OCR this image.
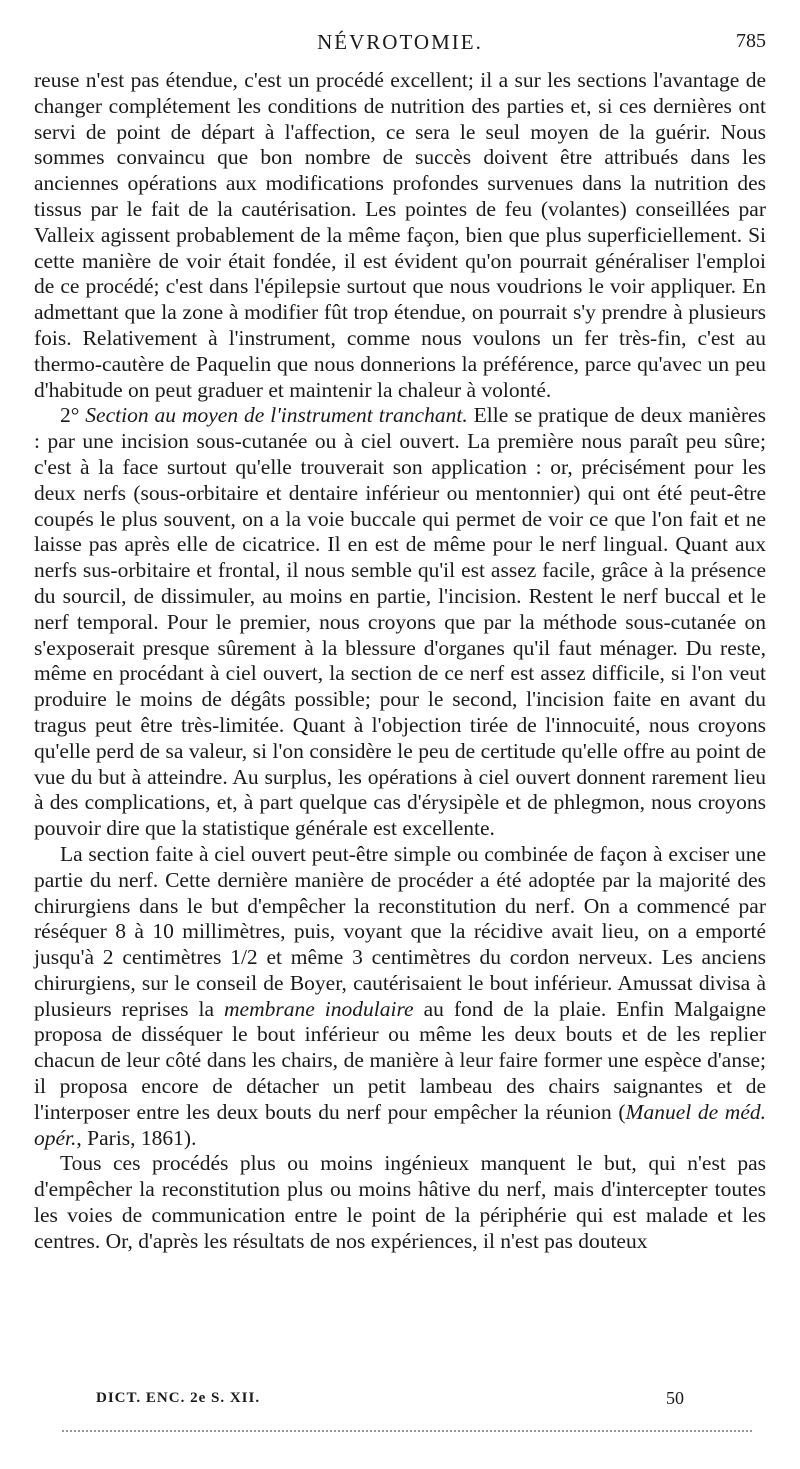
NÉVROTOMIE.	785

reuse n'est pas étendue, c'est un procédé excellent; il a sur les sections l'avantage de changer complétement les conditions de nutrition des parties et, si ces dernières ont servi de point de départ à l'affection, ce sera le seul moyen de la guérir. Nous sommes convaincu que bon nombre de succès doivent être attribués dans les anciennes opérations aux modifications profondes survenues dans la nutrition des tissus par le fait de la cautérisation. Les pointes de feu (volantes) conseillées par Valleix agissent probablement de la même façon, bien que plus superficiellement. Si cette manière de voir était fondée, il est évident qu'on pourrait généraliser l'emploi de ce procédé; c'est dans l'épilepsie surtout que nous voudrions le voir appliquer. En admettant que la zone à modifier fût trop étendue, on pourrait s'y prendre à plusieurs fois. Relativement à l'instrument, comme nous voulons un fer très-fin, c'est au thermo-cautère de Paquelin que nous donnerions la préférence, parce qu'avec un peu d'habitude on peut graduer et maintenir la chaleur à volonté.

2° Section au moyen de l'instrument tranchant. Elle se pratique de deux manières : par une incision sous-cutanée ou à ciel ouvert. La première nous paraît peu sûre; c'est à la face surtout qu'elle trouverait son application : or, précisément pour les deux nerfs (sous-orbitaire et dentaire inférieur ou mentonnier) qui ont été peut-être coupés le plus souvent, on a la voie buccale qui permet de voir ce que l'on fait et ne laisse pas après elle de cicatrice. Il en est de même pour le nerf lingual. Quant aux nerfs sus-orbitaire et frontal, il nous semble qu'il est assez facile, grâce à la présence du sourcil, de dissimuler, au moins en partie, l'incision. Restent le nerf buccal et le nerf temporal. Pour le premier, nous croyons que par la méthode sous-cutanée on s'exposerait presque sûrement à la blessure d'organes qu'il faut ménager. Du reste, même en procédant à ciel ouvert, la section de ce nerf est assez difficile, si l'on veut produire le moins de dégâts possible; pour le second, l'incision faite en avant du tragus peut être très-limitée. Quant à l'objection tirée de l'innocuité, nous croyons qu'elle perd de sa valeur, si l'on considère le peu de certitude qu'elle offre au point de vue du but à atteindre. Au surplus, les opérations à ciel ouvert donnent rarement lieu à des complications, et, à part quelque cas d'érysipèle et de phlegmon, nous croyons pouvoir dire que la statistique générale est excellente.

La section faite à ciel ouvert peut-être simple ou combinée de façon à exciser une partie du nerf. Cette dernière manière de procéder a été adoptée par la majorité des chirurgiens dans le but d'empêcher la reconstitution du nerf. On a commencé par réséquer 8 à 10 millimètres, puis, voyant que la récidive avait lieu, on a emporté jusqu'à 2 centimètres 1/2 et même 3 centimètres du cordon nerveux. Les anciens chirurgiens, sur le conseil de Boyer, cautérisaient le bout inférieur. Amussat divisa à plusieurs reprises la membrane inodulaire au fond de la plaie. Enfin Malgaigne proposa de disséquer le bout inférieur ou même les deux bouts et de les replier chacun de leur côté dans les chairs, de manière à leur faire former une espèce d'anse; il proposa encore de détacher un petit lambeau des chairs saignantes et de l'interposer entre les deux bouts du nerf pour empêcher la réunion (Manuel de méd. opér., Paris, 1861).

Tous ces procédés plus ou moins ingénieux manquent le but, qui n'est pas d'empêcher la reconstitution plus ou moins hâtive du nerf, mais d'intercepter toutes les voies de communication entre le point de la périphérie qui est malade et les centres. Or, d'après les résultats de nos expériences, il n'est pas douteux

DICT. ENC. 2e S. XII.	50
